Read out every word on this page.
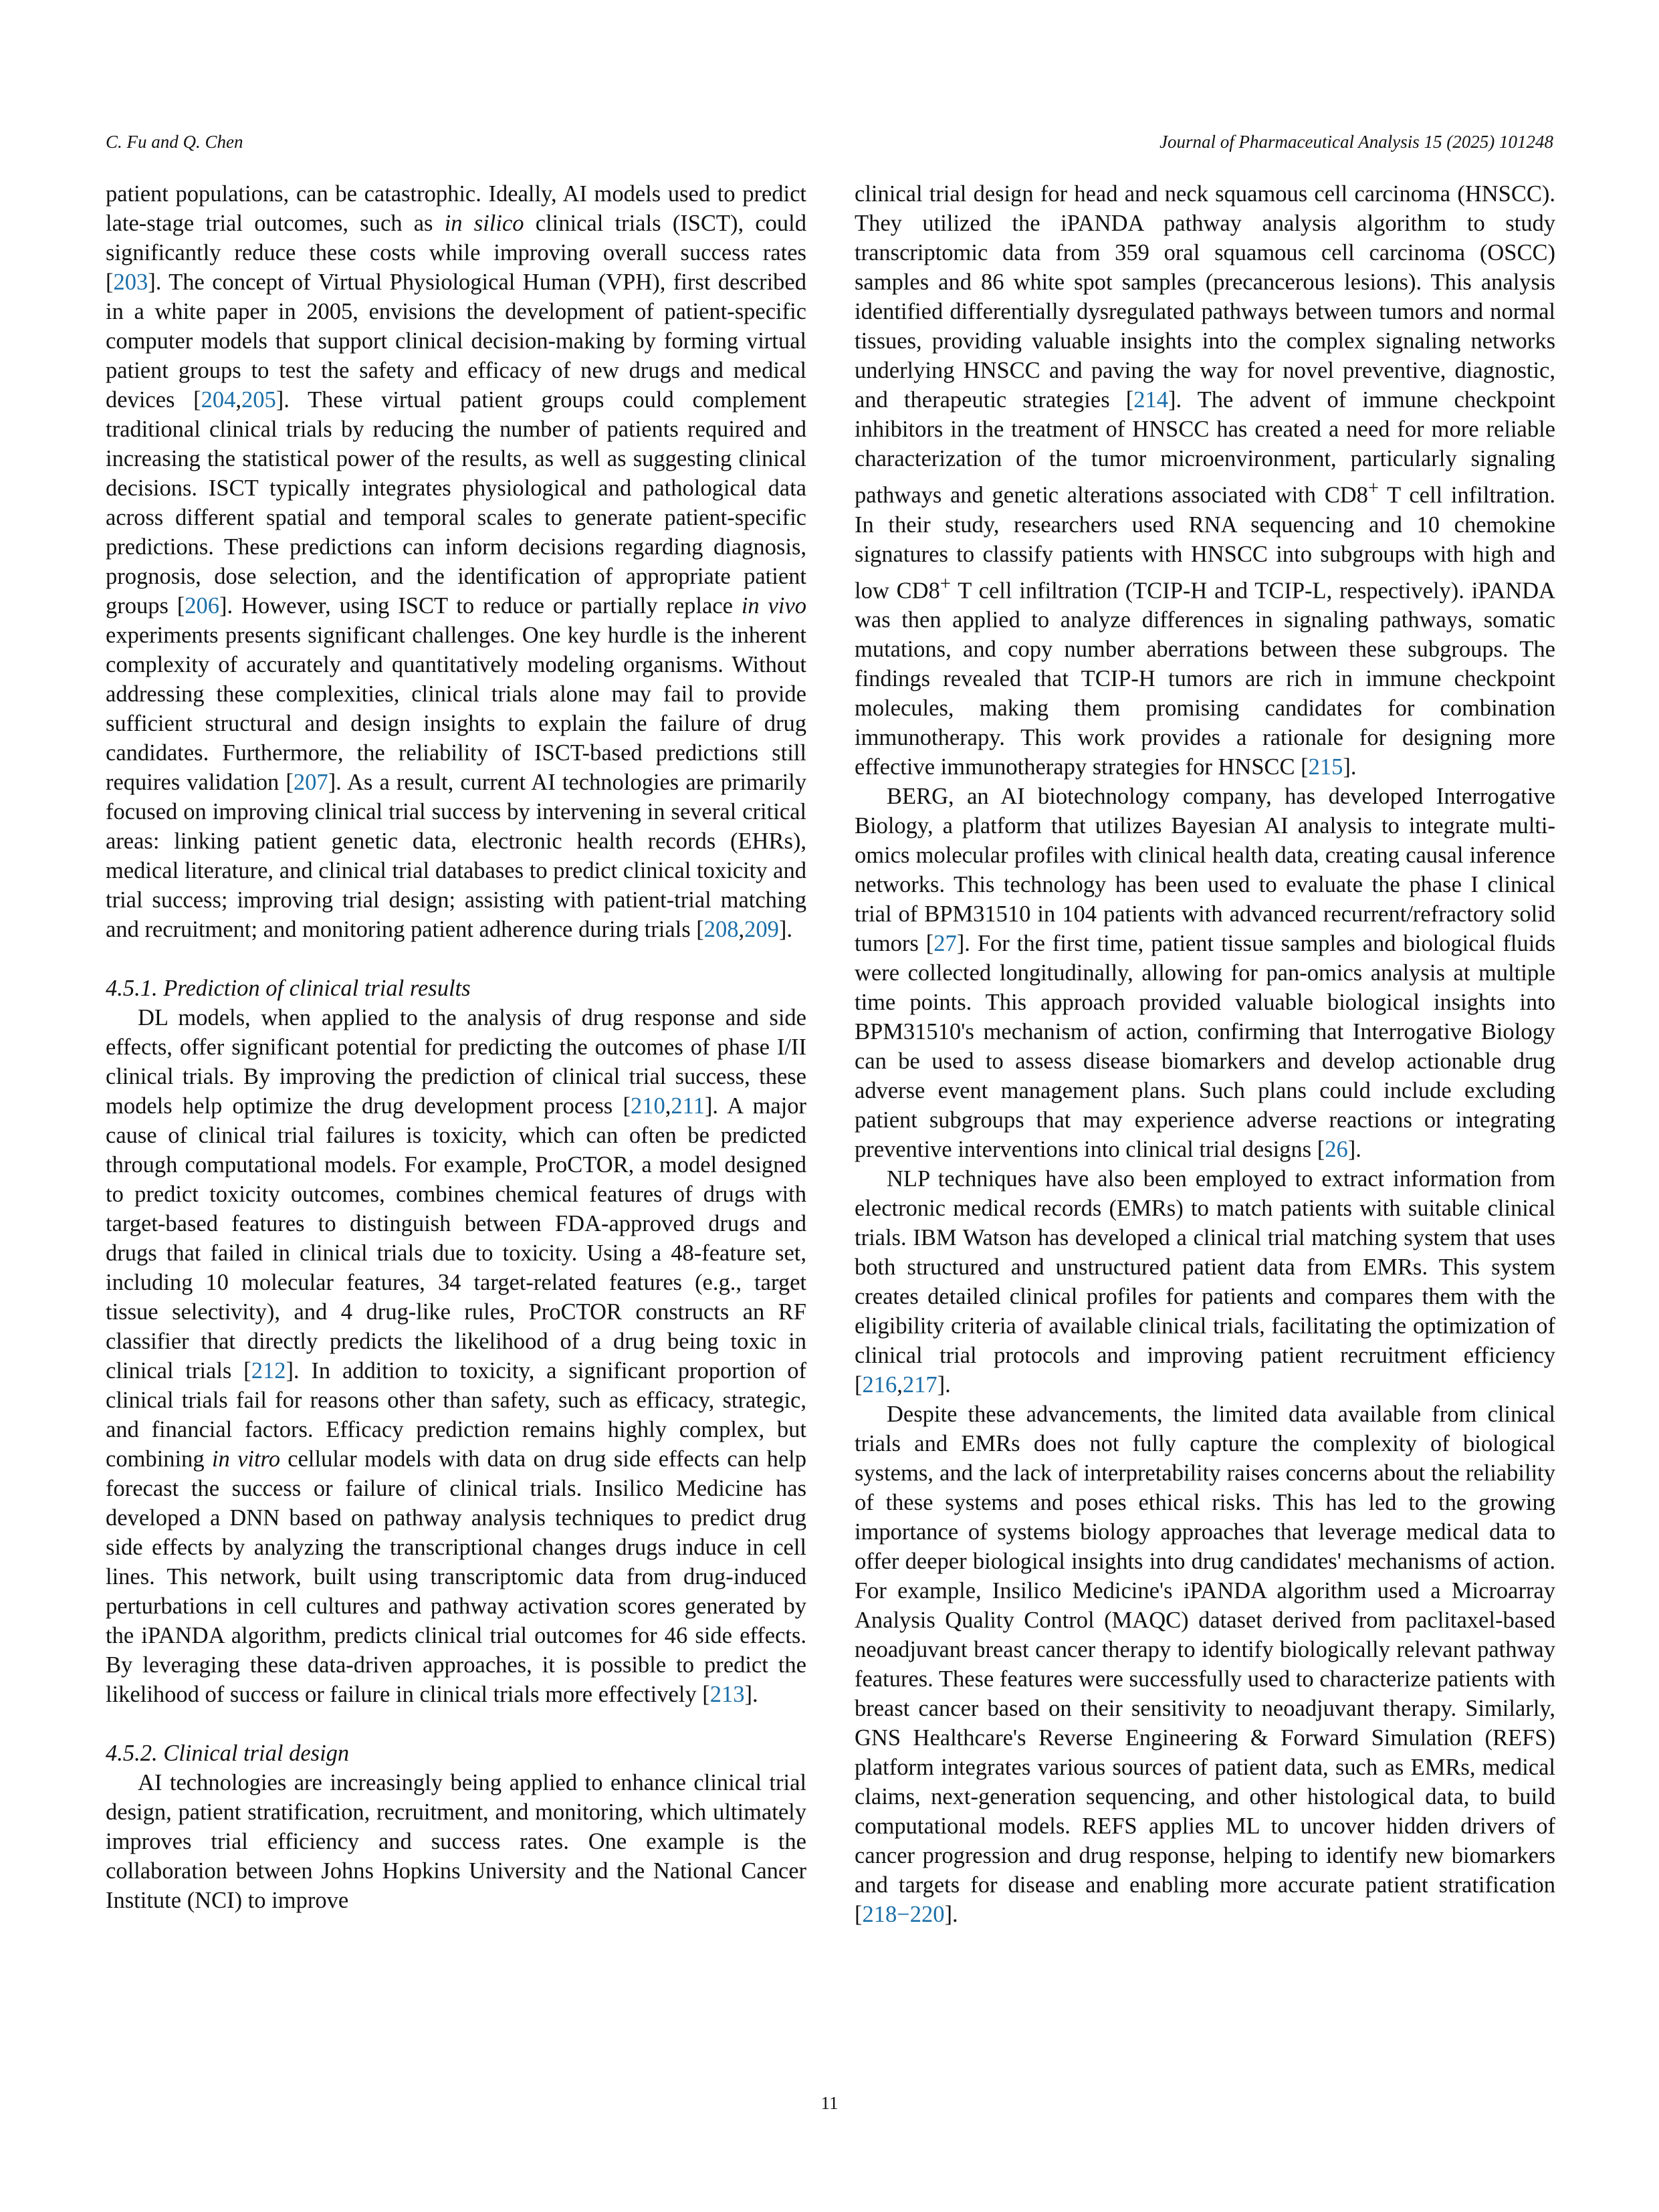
C. Fu and Q. Chen	Journal of Pharmaceutical Analysis 15 (2025) 101248

patient populations, can be catastrophic. Ideally, AI models used to predict late-stage trial outcomes, such as in silico clinical trials (ISCT), could significantly reduce these costs while improving overall success rates [203]. The concept of Virtual Physiological Human (VPH), first described in a white paper in 2005, envisions the development of patient-specific computer models that support clinical decision-making by forming virtual patient groups to test the safety and efficacy of new drugs and medical devices [204,205]. These virtual patient groups could complement traditional clinical trials by reducing the number of patients required and increasing the statistical power of the results, as well as suggesting clinical decisions. ISCT typically integrates physiological and pathological data across different spatial and temporal scales to generate patient-specific predictions. These predictions can inform decisions regarding diagnosis, prognosis, dose selection, and the identification of appropriate patient groups [206]. However, using ISCT to reduce or partially replace in vivo experiments presents significant challenges. One key hurdle is the inherent complexity of accurately and quantitatively modeling organisms. Without addressing these complexities, clinical trials alone may fail to provide sufficient structural and design insights to explain the failure of drug candidates. Furthermore, the reliability of ISCT-based predictions still requires validation [207]. As a result, current AI technologies are primarily focused on improving clinical trial success by intervening in several critical areas: linking patient genetic data, electronic health records (EHRs), medical literature, and clinical trial databases to predict clinical toxicity and trial success; improving trial design; assisting with patient-trial matching and recruitment; and monitoring patient adherence during trials [208,209].

4.5.1. Prediction of clinical trial results

DL models, when applied to the analysis of drug response and side effects, offer significant potential for predicting the outcomes of phase I/II clinical trials. By improving the prediction of clinical trial success, these models help optimize the drug development process [210,211]. A major cause of clinical trial failures is toxicity, which can often be predicted through computational models. For example, ProCTOR, a model designed to predict toxicity outcomes, combines chemical features of drugs with target-based features to distinguish between FDA-approved drugs and drugs that failed in clinical trials due to toxicity. Using a 48-feature set, including 10 molecular features, 34 target-related features (e.g., target tissue selectivity), and 4 drug-like rules, ProCTOR constructs an RF classifier that directly predicts the likelihood of a drug being toxic in clinical trials [212]. In addition to toxicity, a significant proportion of clinical trials fail for reasons other than safety, such as efficacy, strategic, and financial factors. Efficacy prediction remains highly complex, but combining in vitro cellular models with data on drug side effects can help forecast the success or failure of clinical trials. Insilico Medicine has developed a DNN based on pathway analysis techniques to predict drug side effects by analyzing the transcriptional changes drugs induce in cell lines. This network, built using transcriptomic data from drug-induced perturbations in cell cultures and pathway activation scores generated by the iPANDA algorithm, predicts clinical trial outcomes for 46 side effects. By leveraging these data-driven approaches, it is possible to predict the likelihood of success or failure in clinical trials more effectively [213].

4.5.2. Clinical trial design

AI technologies are increasingly being applied to enhance clinical trial design, patient stratification, recruitment, and monitoring, which ultimately improves trial efficiency and success rates. One example is the collaboration between Johns Hopkins University and the National Cancer Institute (NCI) to improve

clinical trial design for head and neck squamous cell carcinoma (HNSCC). They utilized the iPANDA pathway analysis algorithm to study transcriptomic data from 359 oral squamous cell carcinoma (OSCC) samples and 86 white spot samples (precancerous lesions). This analysis identified differentially dysregulated pathways between tumors and normal tissues, providing valuable insights into the complex signaling networks underlying HNSCC and paving the way for novel preventive, diagnostic, and therapeutic strategies [214]. The advent of immune checkpoint inhibitors in the treatment of HNSCC has created a need for more reliable characterization of the tumor microenvironment, particularly signaling pathways and genetic alterations associated with CD8+ T cell infiltration. In their study, researchers used RNA sequencing and 10 chemokine signatures to classify patients with HNSCC into subgroups with high and low CD8+ T cell infiltration (TCIP-H and TCIP-L, respectively). iPANDA was then applied to analyze differences in signaling pathways, somatic mutations, and copy number aberrations between these subgroups. The findings revealed that TCIP-H tumors are rich in immune checkpoint molecules, making them promising candidates for combination immunotherapy. This work provides a rationale for designing more effective immunotherapy strategies for HNSCC [215].

BERG, an AI biotechnology company, has developed Interrogative Biology, a platform that utilizes Bayesian AI analysis to integrate multi-omics molecular profiles with clinical health data, creating causal inference networks. This technology has been used to evaluate the phase I clinical trial of BPM31510 in 104 patients with advanced recurrent/refractory solid tumors [27]. For the first time, patient tissue samples and biological fluids were collected longitudinally, allowing for pan-omics analysis at multiple time points. This approach provided valuable biological insights into BPM31510's mechanism of action, confirming that Interrogative Biology can be used to assess disease biomarkers and develop actionable drug adverse event management plans. Such plans could include excluding patient subgroups that may experience adverse reactions or integrating preventive interventions into clinical trial designs [26].

NLP techniques have also been employed to extract information from electronic medical records (EMRs) to match patients with suitable clinical trials. IBM Watson has developed a clinical trial matching system that uses both structured and unstructured patient data from EMRs. This system creates detailed clinical profiles for patients and compares them with the eligibility criteria of available clinical trials, facilitating the optimization of clinical trial protocols and improving patient recruitment efficiency [216,217].

Despite these advancements, the limited data available from clinical trials and EMRs does not fully capture the complexity of biological systems, and the lack of interpretability raises concerns about the reliability of these systems and poses ethical risks. This has led to the growing importance of systems biology approaches that leverage medical data to offer deeper biological insights into drug candidates' mechanisms of action. For example, Insilico Medicine's iPANDA algorithm used a Microarray Analysis Quality Control (MAQC) dataset derived from paclitaxel-based neoadjuvant breast cancer therapy to identify biologically relevant pathway features. These features were successfully used to characterize patients with breast cancer based on their sensitivity to neoadjuvant therapy. Similarly, GNS Healthcare's Reverse Engineering & Forward Simulation (REFS) platform integrates various sources of patient data, such as EMRs, medical claims, next-generation sequencing, and other histological data, to build computational models. REFS applies ML to uncover hidden drivers of cancer progression and drug response, helping to identify new biomarkers and targets for disease and enabling more accurate patient stratification [218−220].

11
